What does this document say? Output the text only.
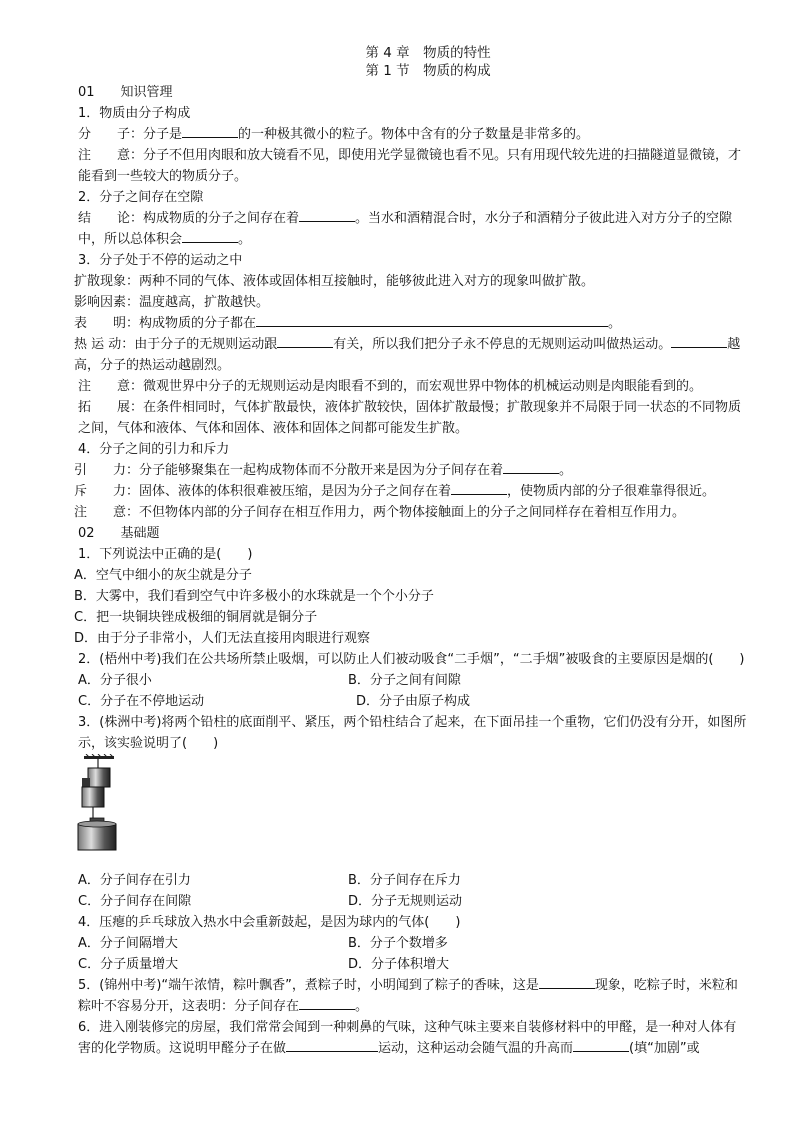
第 4 章　物质的特性
第 1 节　物质的构成
01　　知识管理
1．物质由分子构成
分　　子：分子是	的一种极其微小的粒子。物体中含有的分子数量是非常多的。
注　　意：分子不但用肉眼和放大镜看不见，即使用光学显微镜也看不见。只有用现代较先进的扫描隧道显微镜，才能看到一些较大的物质分子。
2．分子之间存在空隙
结　　论：构成物质的分子之间存在着	。当水和酒精混合时，水分子和酒精分子彼此进入对方分子的空隙中，所以总体积会	。
3．分子处于不停的运动之中
扩散现象：两种不同的气体、液体或固体相互接触时，能够彼此进入对方的现象叫做扩散。
影响因素：温度越高，扩散越快。
表　　明：构成物质的分子都在	。
热 运 动：由于分子的无规则运动跟	有关，所以我们把分子永不停息的无规则运动叫做热运动。	越高，分子的热运动越剧烈。
注　　意：微观世界中分子的无规则运动是肉眼看不到的，而宏观世界中物体的机械运动则是肉眼能看到的。
拓　　展：在条件相同时，气体扩散最快，液体扩散较快，固体扩散最慢；扩散现象并不局限于同一状态的不同物质之间，气体和液体、气体和固体、液体和固体之间都可能发生扩散。
4．分子之间的引力和斥力
引　　力：分子能够聚集在一起构成物体而不分散开来是因为分子间存在着	。
斥　　力：固体、液体的体积很难被压缩，是因为分子之间存在着	，使物质内部的分子很难靠得很近。
注　　意：不但物体内部的分子间存在相互作用力，两个物体接触面上的分子之间同样存在着相互作用力。
02　　基础题
1．下列说法中正确的是(　　)
A．空气中细小的灰尘就是分子
B．大雾中，我们看到空气中许多极小的水珠就是一个个小分子
C．把一块铜块锉成极细的铜屑就是铜分子
D．由于分子非常小，人们无法直接用肉眼进行观察
2．(梧州中考)我们在公共场所禁止吸烟，可以防止人们被动吸食“二手烟”，“二手烟”被吸食的主要原因是烟的(　　)
A．分子很小	B．分子之间有间隙
C．分子在不停地运动	D．分子由原子构成
3．(株洲中考)将两个铅柱的底面削平、紧压，两个铅柱结合了起来，在下面吊挂一个重物，它们仍没有分开，如图所示，该实验说明了(　　)
A．分子间存在引力	B．分子间存在斥力
C．分子间存在间隙	D．分子无规则运动
4．压瘪的乒乓球放入热水中会重新鼓起，是因为球内的气体(　　)
A．分子间隔增大	B．分子个数增多
C．分子质量增大	D．分子体积增大
5．(锦州中考)“端午浓情，粽叶飘香”，煮粽子时，小明闻到了粽子的香味，这是	现象，吃粽子时，米粒和粽叶不容易分开，这表明：分子间存在	。
6．进入刚装修完的房屋，我们常常会闻到一种刺鼻的气味，这种气味主要来自装修材料中的甲醛，是一种对人体有害的化学物质。这说明甲醛分子在做	运动，这种运动会随气温的升高而	(填“加剧”或
